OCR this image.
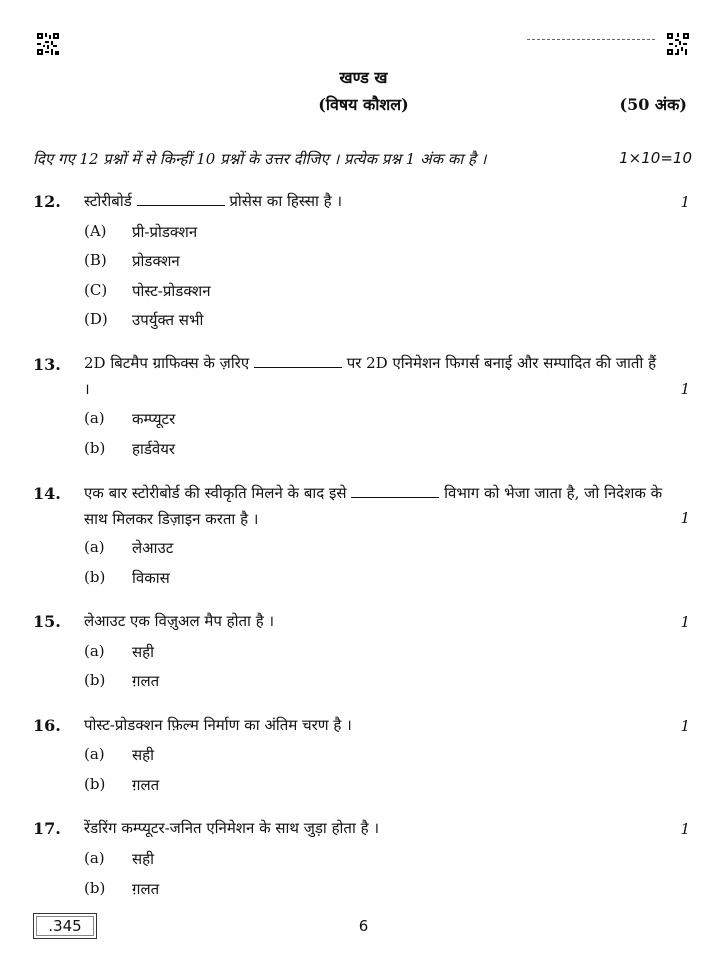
खण्ड ख
(विषय कौशल)	(50 अंक)
दिए गए 12 प्रश्नों में से किन्हीं 10 प्रश्नों के उत्तर दीजिए । प्रत्येक प्रश्न 1 अंक का है ।	1×10=10
12. स्टोरीबोर्ड	प्रोसेस का हिस्सा है ।	1
(A) प्री-प्रोडक्शन
(B) प्रोडक्शन
(C) पोस्ट-प्रोडक्शन
(D) उपर्युक्त सभी
13. 2D बिटमैप ग्राफिक्स के ज़रिए	पर 2D एनिमेशन फिगर्स बनाई और सम्पादित की जाती हैं ।	1
(a) कम्प्यूटर
(b) हार्डवेयर
14. एक बार स्टोरीबोर्ड की स्वीकृति मिलने के बाद इसे	विभाग को भेजा जाता है, जो निदेशक के साथ मिलकर डिज़ाइन करता है ।	1
(a) लेआउट
(b) विकास
15. लेआउट एक विज़ुअल मैप होता है ।	1
(a) सही
(b) ग़लत
16. पोस्ट-प्रोडक्शन फ़िल्म निर्माण का अंतिम चरण है ।	1
(a) सही
(b) ग़लत
17. रेंडरिंग कम्प्यूटर-जनित एनिमेशन के साथ जुड़ा होता है ।	1
(a) सही
(b) ग़लत
.345	6
